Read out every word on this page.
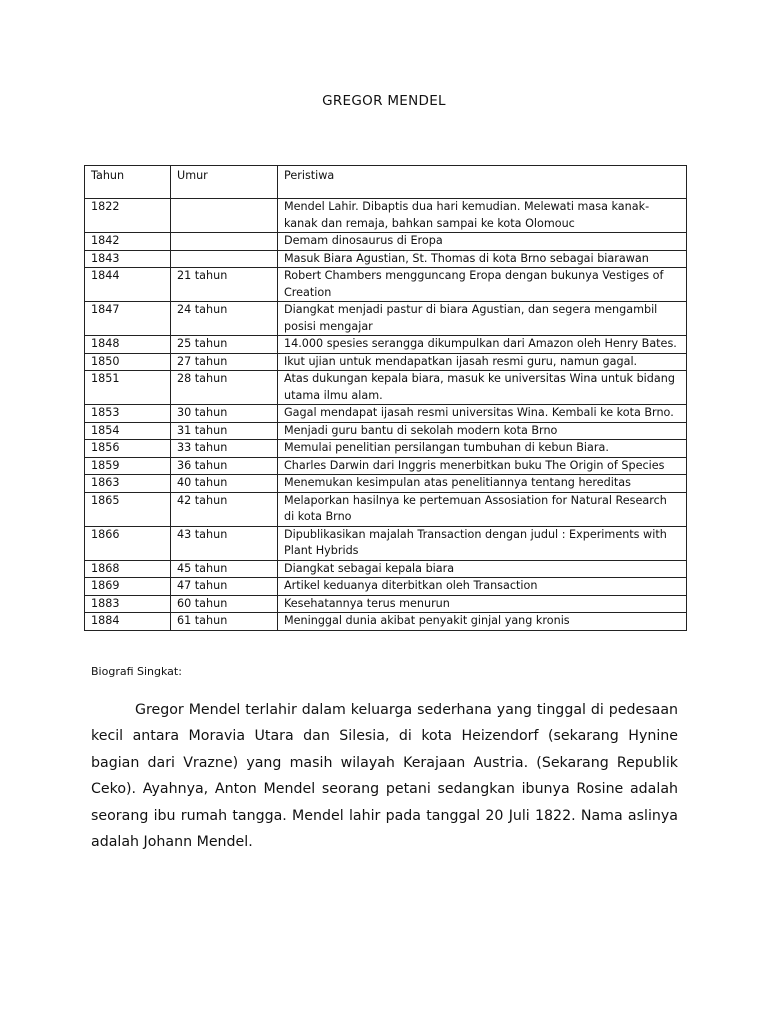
GREGOR MENDEL
Tahun	Umur	Peristiwa
1822		Mendel Lahir. Dibaptis dua hari kemudian. Melewati masa kanak-kanak dan remaja, bahkan sampai ke kota Olomouc
1842		Demam dinosaurus di Eropa
1843		Masuk Biara Agustian, St. Thomas di kota Brno sebagai biarawan
1844	21 tahun	Robert Chambers mengguncang Eropa dengan bukunya Vestiges of Creation
1847	24 tahun	Diangkat menjadi pastur di biara Agustian, dan segera mengambil posisi mengajar
1848	25 tahun	14.000 spesies serangga dikumpulkan dari Amazon oleh Henry Bates.
1850	27 tahun	Ikut ujian untuk mendapatkan ijasah resmi guru, namun gagal.
1851	28 tahun	Atas dukungan kepala biara, masuk ke universitas Wina untuk bidang utama ilmu alam.
1853	30 tahun	Gagal mendapat ijasah resmi universitas Wina. Kembali ke kota Brno.
1854	31 tahun	Menjadi guru bantu di sekolah modern kota Brno
1856	33 tahun	Memulai penelitian persilangan tumbuhan di kebun Biara.
1859	36 tahun	Charles Darwin dari Inggris menerbitkan buku The Origin of Species
1863	40 tahun	Menemukan kesimpulan atas penelitiannya tentang hereditas
1865	42 tahun	Melaporkan hasilnya ke pertemuan Assosiation for Natural Research di kota Brno
1866	43 tahun	Dipublikasikan majalah Transaction dengan judul : Experiments with Plant Hybrids
1868	45 tahun	Diangkat sebagai kepala biara
1869	47 tahun	Artikel keduanya diterbitkan oleh Transaction
1883	60 tahun	Kesehatannya terus menurun
1884	61 tahun	Meninggal dunia akibat penyakit ginjal yang kronis
Biografi Singkat:

Gregor Mendel terlahir dalam keluarga sederhana yang tinggal di pedesaan kecil antara Moravia Utara dan Silesia, di kota Heizendorf (sekarang Hynine bagian dari Vrazne) yang masih wilayah Kerajaan Austria. (Sekarang Republik Ceko). Ayahnya, Anton Mendel seorang petani sedangkan ibunya Rosine adalah seorang ibu rumah tangga. Mendel lahir pada tanggal 20 Juli 1822. Nama aslinya adalah Johann Mendel.
